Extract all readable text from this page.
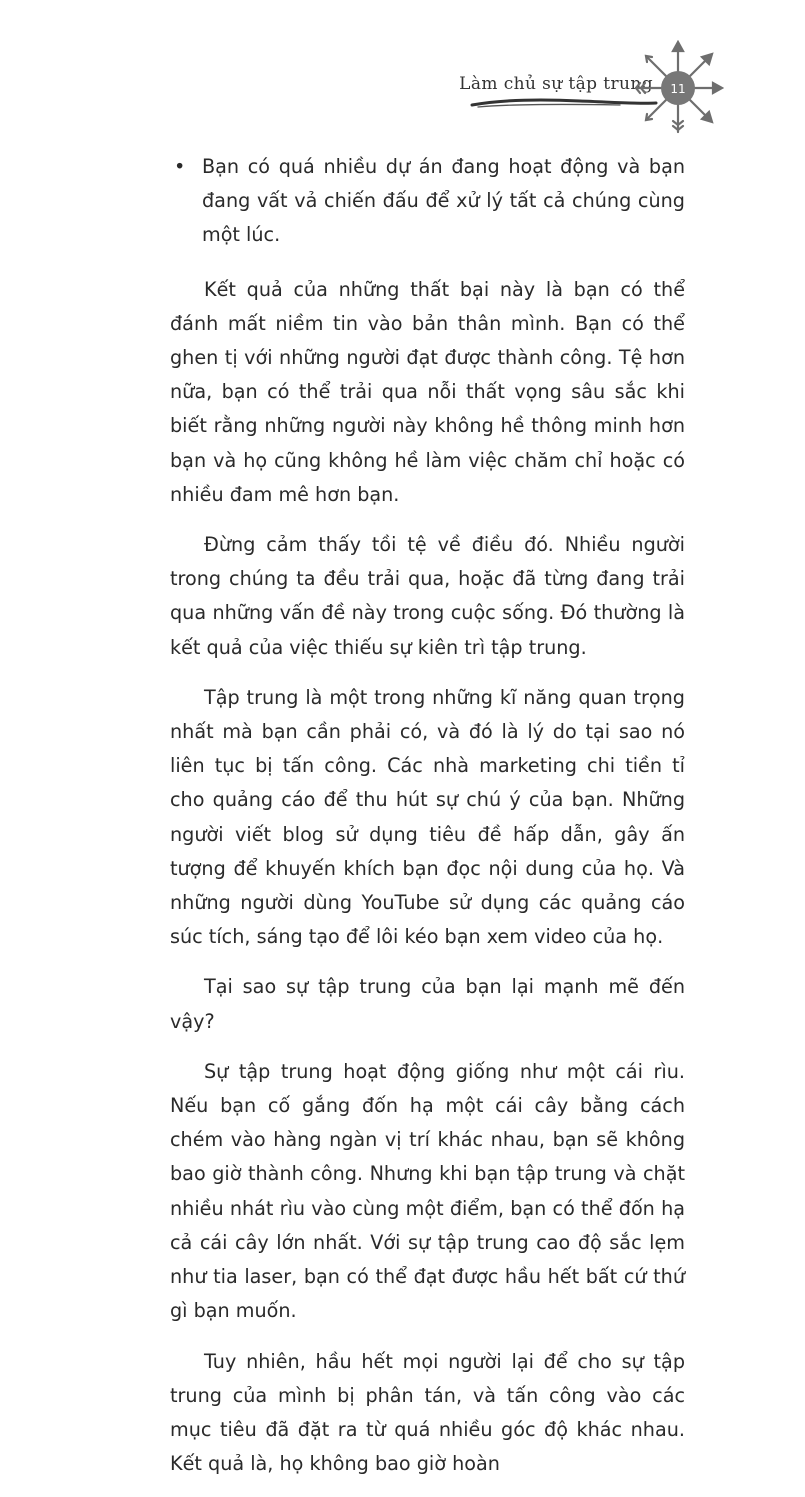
Làm chủ sự tập trung	11
• Bạn có quá nhiều dự án đang hoạt động và bạn đang vất vả chiến đấu để xử lý tất cả chúng cùng một lúc.

Kết quả của những thất bại này là bạn có thể đánh mất niềm tin vào bản thân mình. Bạn có thể ghen tị với những người đạt được thành công. Tệ hơn nữa, bạn có thể trải qua nỗi thất vọng sâu sắc khi biết rằng những người này không hề thông minh hơn bạn và họ cũng không hề làm việc chăm chỉ hoặc có nhiều đam mê hơn bạn.

Đừng cảm thấy tồi tệ về điều đó. Nhiều người trong chúng ta đều trải qua, hoặc đã từng đang trải qua những vấn đề này trong cuộc sống. Đó thường là kết quả của việc thiếu sự kiên trì tập trung.

Tập trung là một trong những kĩ năng quan trọng nhất mà bạn cần phải có, và đó là lý do tại sao nó liên tục bị tấn công. Các nhà marketing chi tiền tỉ cho quảng cáo để thu hút sự chú ý của bạn. Những người viết blog sử dụng tiêu đề hấp dẫn, gây ấn tượng để khuyến khích bạn đọc nội dung của họ. Và những người dùng YouTube sử dụng các quảng cáo súc tích, sáng tạo để lôi kéo bạn xem video của họ.

Tại sao sự tập trung của bạn lại mạnh mẽ đến vậy?

Sự tập trung hoạt động giống như một cái rìu. Nếu bạn cố gắng đốn hạ một cái cây bằng cách chém vào hàng ngàn vị trí khác nhau, bạn sẽ không bao giờ thành công. Nhưng khi bạn tập trung và chặt nhiều nhát rìu vào cùng một điểm, bạn có thể đốn hạ cả cái cây lớn nhất. Với sự tập trung cao độ sắc lẹm như tia laser, bạn có thể đạt được hầu hết bất cứ thứ gì bạn muốn.

Tuy nhiên, hầu hết mọi người lại để cho sự tập trung của mình bị phân tán, và tấn công vào các mục tiêu đã đặt ra từ quá nhiều góc độ khác nhau. Kết quả là, họ không bao giờ hoàn
